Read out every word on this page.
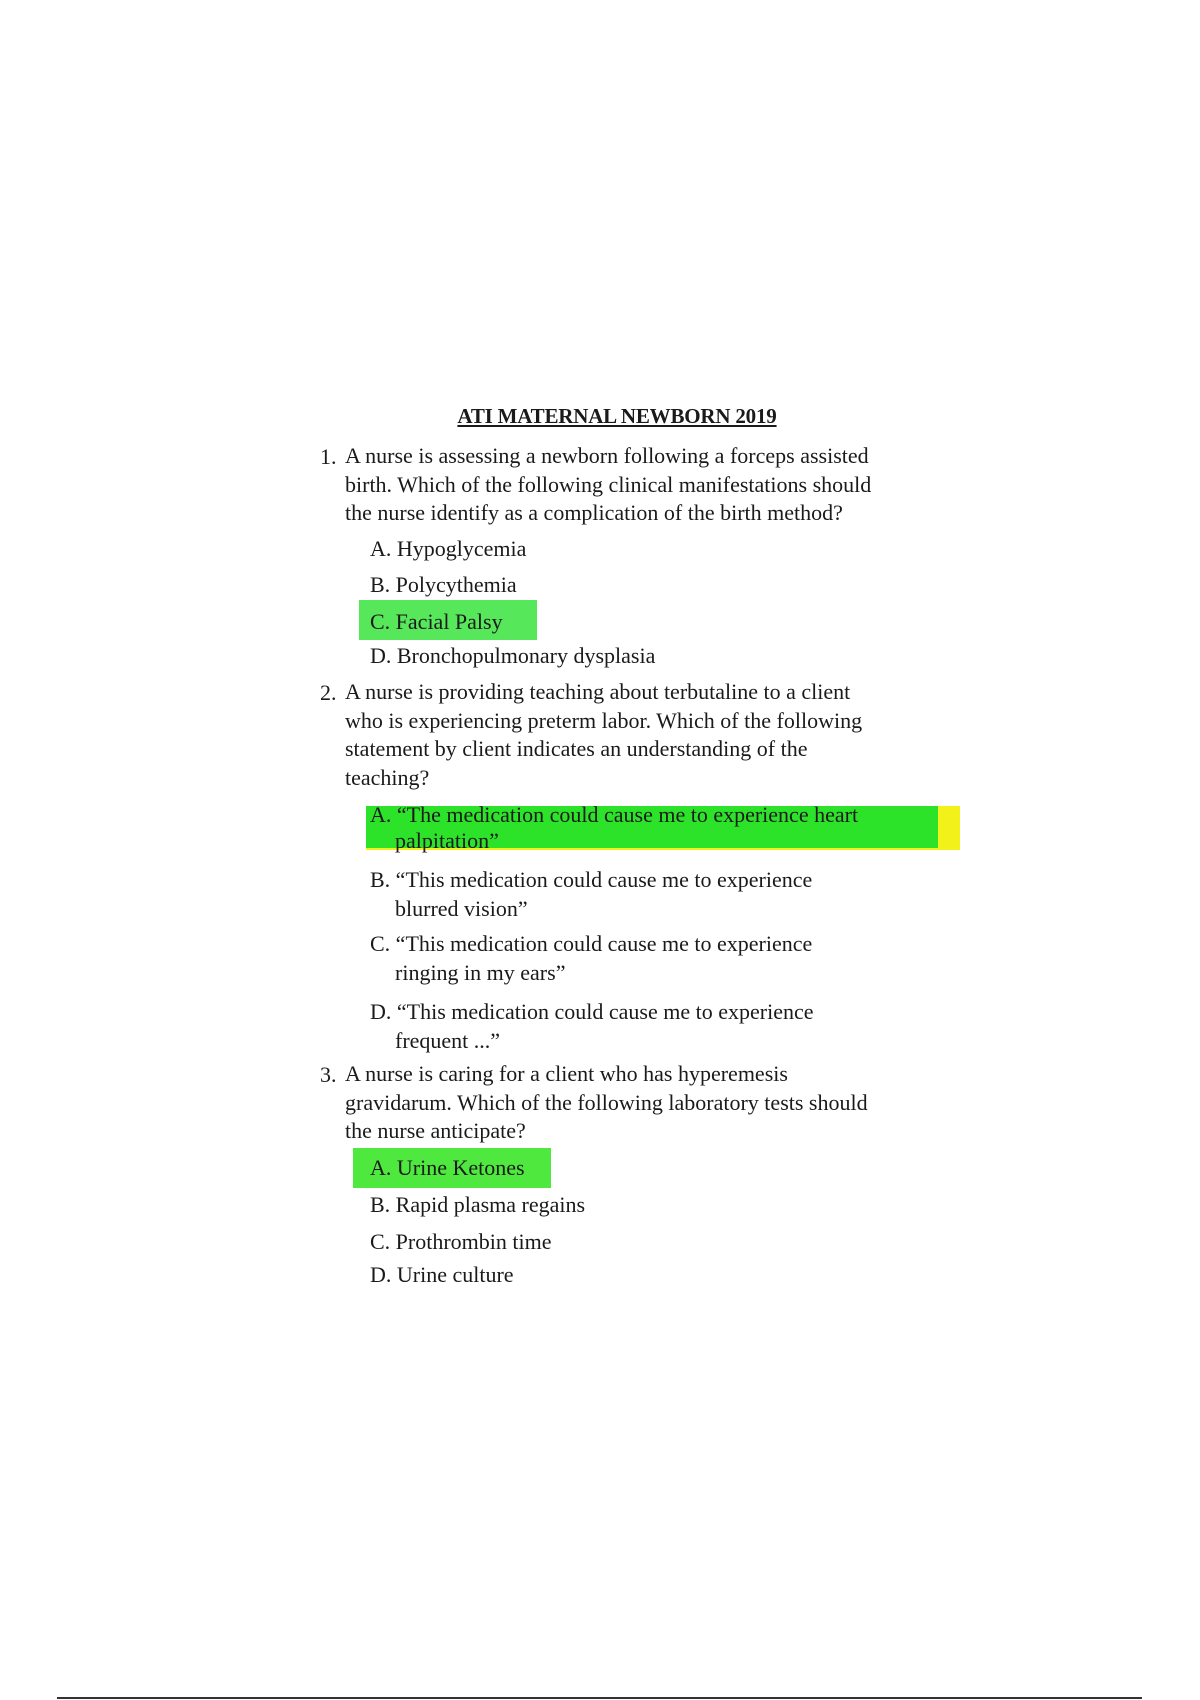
ATI MATERNAL NEWBORN 2019
1. A nurse is assessing a newborn following a forceps assisted
birth. Which of the following clinical manifestations should
the nurse identify as a complication of the birth method?
A. Hypoglycemia
B. Polycythemia
C. Facial Palsy
D. Bronchopulmonary dysplasia
2. A nurse is providing teaching about terbutaline to a client
who is experiencing preterm labor. Which of the following
statement by client indicates an understanding of the
teaching?
A. “The medication could cause me to experience heart
palpitation”
B. “This medication could cause me to experience
blurred vision”
C. “This medication could cause me to experience
ringing in my ears”
D. “This medication could cause me to experience
frequent ...”
3. A nurse is caring for a client who has hyperemesis
gravidarum. Which of the following laboratory tests should
the nurse anticipate?
A. Urine Ketones
B. Rapid plasma regains
C. Prothrombin time
D. Urine culture
